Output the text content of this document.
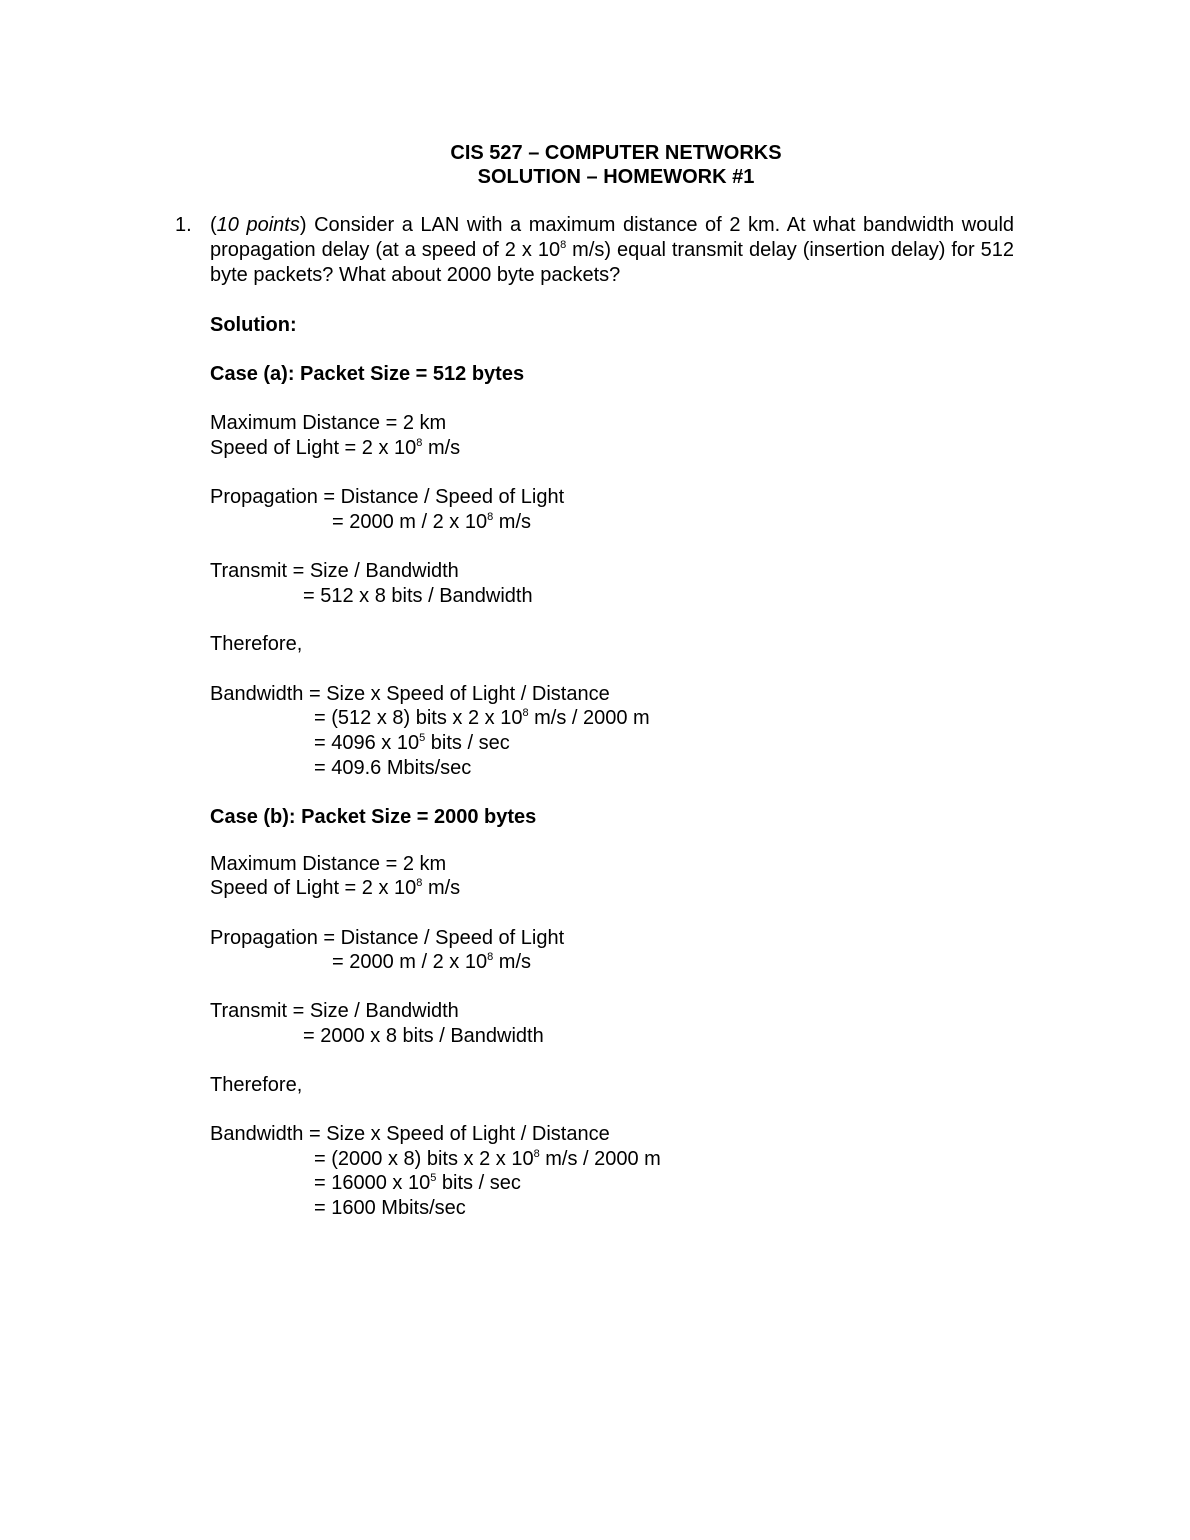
CIS 527 – COMPUTER NETWORKS
SOLUTION – HOMEWORK #1
1. (10 points) Consider a LAN with a maximum distance of 2 km. At what bandwidth would propagation delay (at a speed of 2 x $10^8$ m/s) equal transmit delay (insertion delay) for 512 byte packets? What about 2000 byte packets?
Solution:
Case (a): Packet Size = 512 bytes
Maximum Distance = 2 km
Speed of Light = 2 x $10^8$ m/s
Propagation = Distance / Speed of Light
= 2000 m / 2 x $10^8$ m/s
Transmit = Size / Bandwidth
= 512 x 8 bits / Bandwidth
Therefore,
Bandwidth = Size x Speed of Light / Distance
= (512 x 8) bits x 2 x $10^8$ m/s / 2000 m
= 4096 x $10^5$ bits / sec
= 409.6 Mbits/sec
Case (b): Packet Size = 2000 bytes
Maximum Distance = 2 km
Speed of Light = 2 x $10^8$ m/s
Propagation = Distance / Speed of Light
= 2000 m / 2 x $10^8$ m/s
Transmit = Size / Bandwidth
= 2000 x 8 bits / Bandwidth
Therefore,
Bandwidth = Size x Speed of Light / Distance
= (2000 x 8) bits x 2 x $10^8$ m/s / 2000 m
= 16000 x $10^5$ bits / sec
= 1600 Mbits/sec
